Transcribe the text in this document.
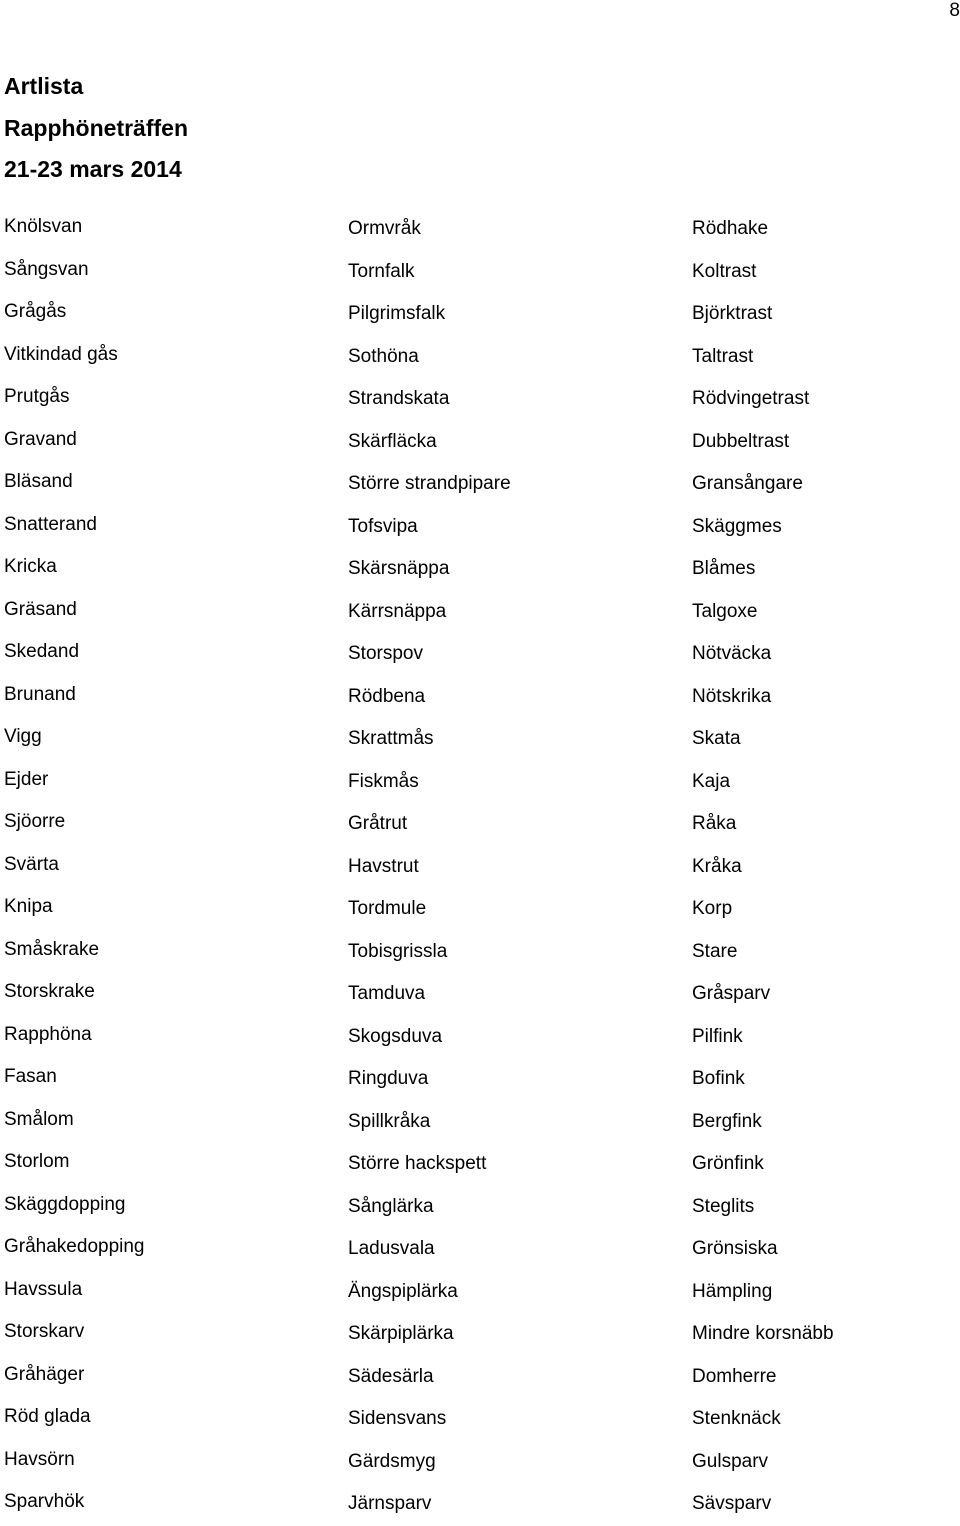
8
Artlista
Rapphöneträffen
21-23 mars 2014
Knölsvan
Sångsvan
Grågås
Vitkindad gås
Prutgås
Gravand
Bläsand
Snatterand
Kricka
Gräsand
Skedand
Brunand
Vigg
Ejder
Sjöorre
Svärta
Knipa
Småskrake
Storskrake
Rapphöna
Fasan
Smålom
Storlom
Skäggdopping
Gråhakedopping
Havssula
Storskarv
Gråhäger
Röd glada
Havsörn
Sparvhök
Ormvråk
Tornfalk
Pilgrimsfalk
Sothöna
Strandskata
Skärfläcka
Större strandpipare
Tofsvipa
Skärsnäppa
Kärrsnäppa
Storspov
Rödbena
Skrattmås
Fiskmås
Gråtrut
Havstrut
Tordmule
Tobisgrissla
Tamduva
Skogsduva
Ringduva
Spillkråka
Större hackspett
Sånglärka
Ladusvala
Ängspiplärka
Skärpiplärka
Sädesärla
Sidensvans
Gärdsmyg
Järnsparv
Rödhake
Koltrast
Björktrast
Taltrast
Rödvingetrast
Dubbeltrast
Gransångare
Skäggmes
Blåmes
Talgoxe
Nötväcka
Nötskrika
Skata
Kaja
Råka
Kråka
Korp
Stare
Gråsparv
Pilfink
Bofink
Bergfink
Grönfink
Steglits
Grönsiska
Hämpling
Mindre korsnäbb
Domherre
Stenknäck
Gulsparv
Sävsparv
